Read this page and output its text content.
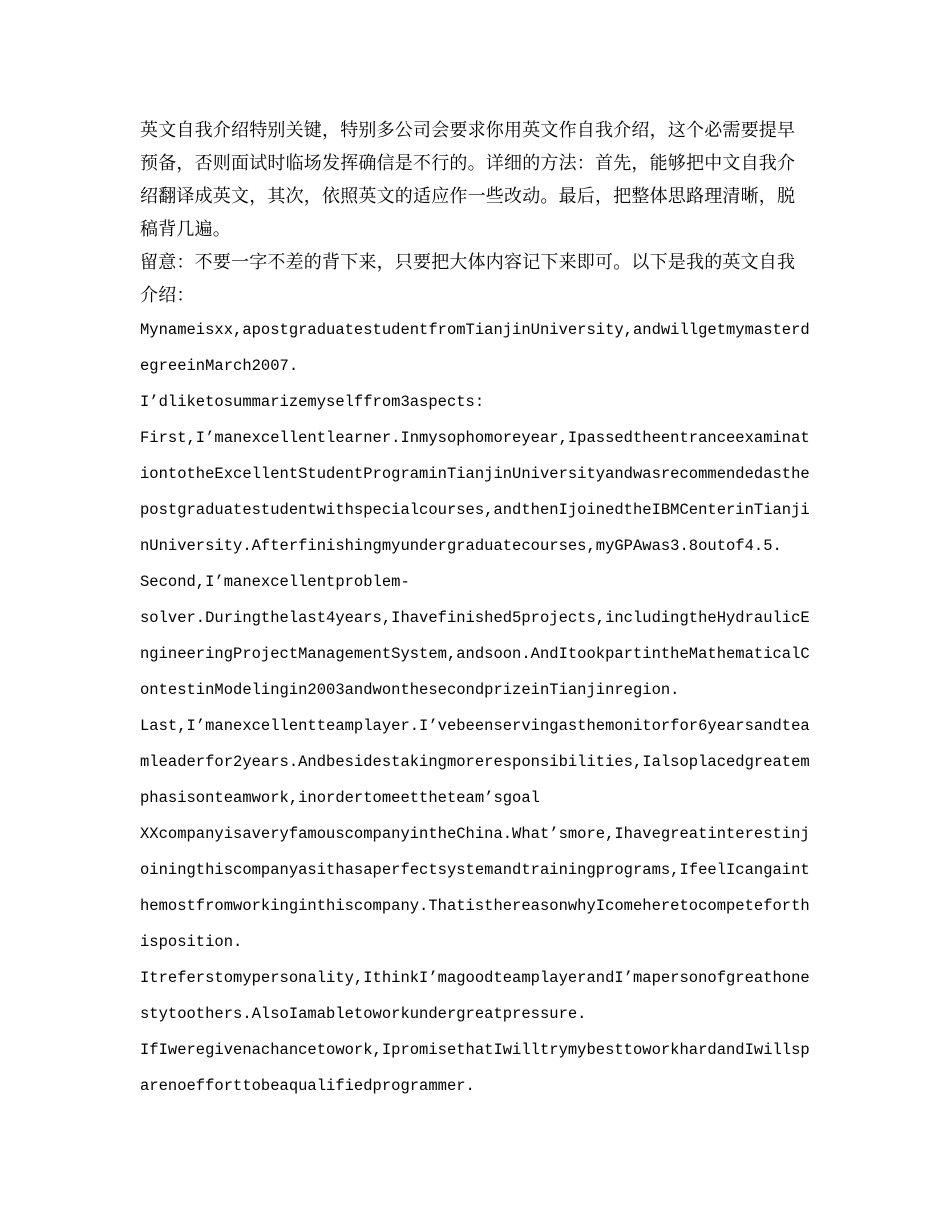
英文自我介绍特别关键，特别多公司会要求你用英文作自我介绍，这个必需要提早预备，否则面试时临场发挥确信是不行的。详细的方法：首先，能够把中文自我介绍翻译成英文，其次，依照英文的适应作一些改动。最后，把整体思路理清晰，脱稿背几遍。

留意：不要一字不差的背下来，只要把大体内容记下来即可。以下是我的英文自我介绍：

Mynameisxx,apostgraduatestudentfromTianjinUniversity,andwillgetmymasterdegreeinMarch2007.

I’dliketosummarizemyselffrom3aspects:

First,I’manexcellentlearner.Inmysophomoreyear,IpassedtheentranceexaminationtotheExcellentStudentPrograminTianjinUniversityandwasrecommendedasthepostgraduatestudentwithspecialcourses,andthenIjoinedtheIBMCenterinTianjinUniversity.Afterfinishingmyundergraduatecourses,myGPAwas3.8outof4.5.

Second,I’manexcellentproblem-

solver.Duringthelast4years,Ihavefinished5projects,includingtheHydraulicEngineeringProjectManagementSystem,andsoon.AndItookpartintheMathematicalContestinModelingin2003andwonthesecondprizeinTianjinregion.

Last,I’manexcellentteamplayer.I’vebeenservingasthemonitorfor6yearsandteamleaderfor2years.Andbesidestakingmoreresponsibilities,Ialsoplacedgreatemphasisonteamwork,inordertomeettheteam’sgoal

XXcompanyisaveryfamouscompanyintheChina.What’smore,Ihavegreatinterestinjoiningthiscompanyasithasaperfectsystemandtrainingprograms,IfeelIcangainthemostfromworkinginthiscompany.ThatisthereasonwhyIcomeheretocompeteforthisposition.

Itreferstomypersonality,IthinkI’magoodteamplayerandI’mapersonofgreathonestytoothers.AlsoIamabletoworkundergreatpressure.

IfIweregivenachancetowork,IpromisethatIwilltrymybesttoworkhardandIwillsparenoefforttobeaqualifiedprogrammer.
